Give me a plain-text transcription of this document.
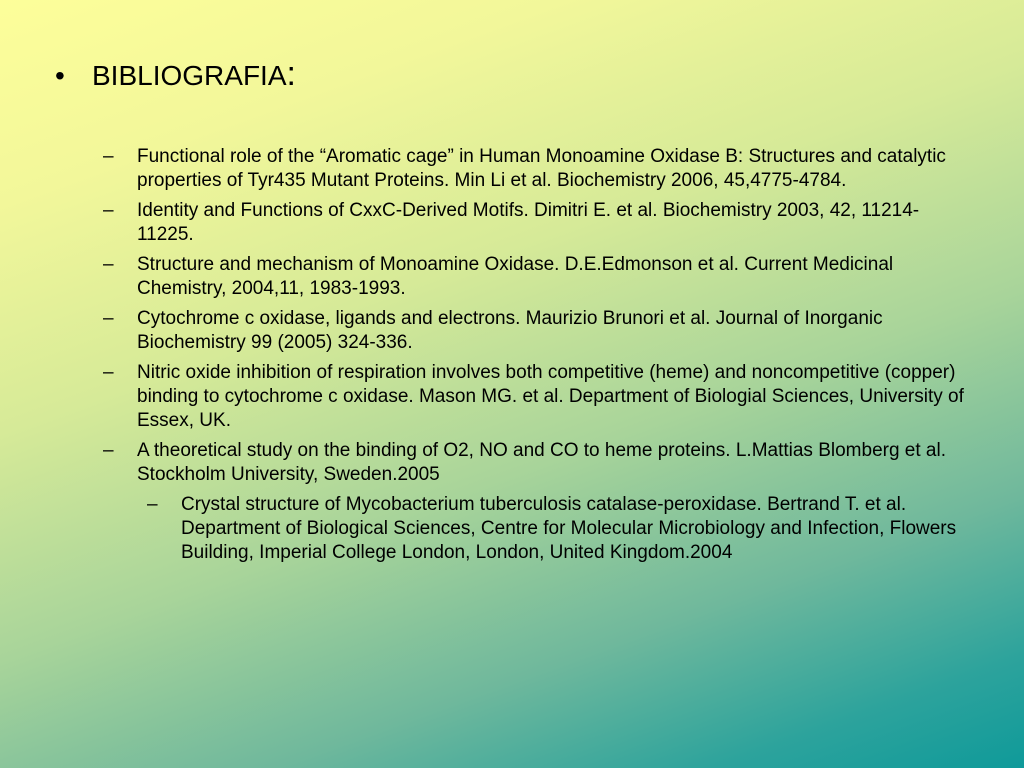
• BIBLIOGRAFIA:
– Functional role of the “Aromatic cage” in Human Monoamine Oxidase B: Structures and catalytic properties of Tyr435 Mutant Proteins. Min Li et al. Biochemistry 2006, 45,4775-4784.
– Identity and Functions of CxxC-Derived Motifs. Dimitri E. et al. Biochemistry 2003, 42, 11214-11225.
– Structure and mechanism of Monoamine Oxidase. D.E.Edmonson et al. Current Medicinal Chemistry, 2004,11, 1983-1993.
– Cytochrome c oxidase, ligands and electrons. Maurizio Brunori et al. Journal of Inorganic Biochemistry 99 (2005) 324-336.
– Nitric oxide inhibition of respiration involves both competitive (heme) and noncompetitive (copper) binding to cytochrome c oxidase. Mason MG. et al. Department of Biologial Sciences, University of Essex, UK.
– A theoretical study on the binding of O2, NO and CO to heme proteins. L.Mattias Blomberg et al. Stockholm University, Sweden.2005
– Crystal structure of Mycobacterium tuberculosis catalase-peroxidase. Bertrand T. et al. Department of Biological Sciences, Centre for Molecular Microbiology and Infection, Flowers Building, Imperial College London, London, United Kingdom.2004
